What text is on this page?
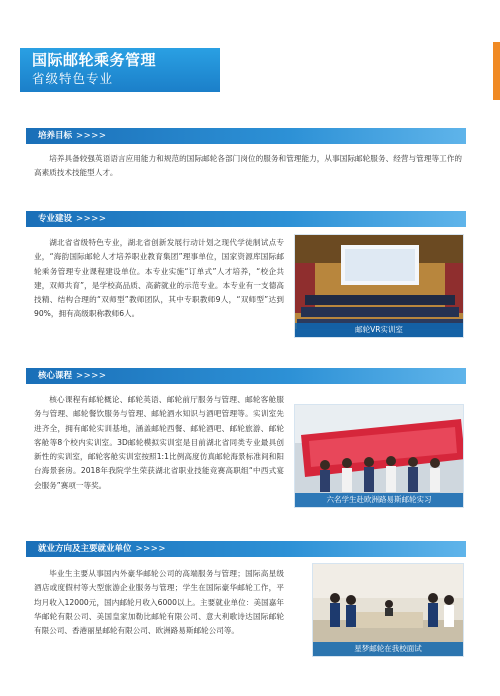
国际邮轮乘务管理
省级特色专业
培养目标 >>>>
培养具备较强英语语言应用能力和规范的国际邮轮各部门岗位的服务和管理能力，从事国际邮轮服务、经营与管理等工作的高素质技术技能型人才。
专业建设 >>>>
湖北省省级特色专业，湖北省创新发展行动计划之现代学徒制试点专业，“海韵国际邮轮人才培养职业教育集团”理事单位，国家资源库国际邮轮乘务管理专业课程建设单位。本专业实施“订单式”人才培养，“校企共建，双师共育”，是学校高品质、高薪就业的示范专业。本专业有一支德高技精、结构合理的“双师型”教师团队，其中专职教师9人，“双师型”达到90%，拥有高级职称教师6人。
邮轮VR实训室
核心课程 >>>>
核心课程有邮轮概论、邮轮英语、邮轮前厅服务与管理、邮轮客舱服务与管理、邮轮餐饮服务与管理、邮轮酒水知识与酒吧管理等。实训室先进齐全，拥有邮轮实训基地，涵盖邮轮西餐、邮轮酒吧、邮轮旅游、邮轮客舱等8个校内实训室。3D邮轮模拟实训室是目前湖北省同类专业最具创新性的实训室，邮轮客舱实训室按照1:1比例高度仿真邮轮海景标准间和阳台海景套房。2018年我院学生荣获湖北省职业技能竞赛高职组“中西式宴会服务”赛项一等奖。
六名学生赴欧洲路易斯邮轮实习
就业方向及主要就业单位 >>>>
毕业生主要从事国内外豪华邮轮公司的高端服务与管理；国际高星级酒店或度假村等大型旅游企业服务与管理；学生在国际豪华邮轮工作，平均月收入12000元，国内邮轮月收入6000以上。主要就业单位：美国嘉年华邮轮有限公司、美国皇家加勒比邮轮有限公司、意大利歌诗达国际邮轮有限公司、香港丽星邮轮有限公司、欧洲路易斯邮轮公司等。
星梦邮轮在我校面试
